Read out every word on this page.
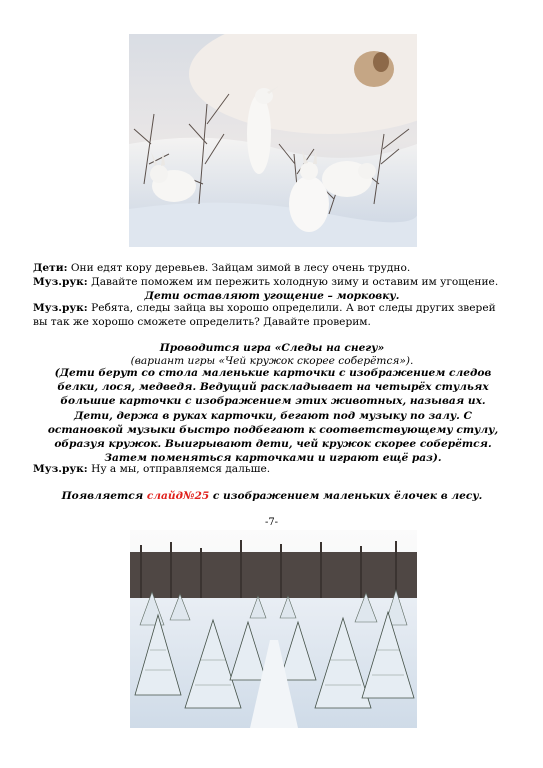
Дети: Они едят кору деревьев. Зайцам зимой в лесу очень трудно.
Муз.рук: Давайте поможем им пережить холодную зиму и оставим им угощение.
Дети оставляют угощение – морковку.
Муз.рук: Ребята, следы зайца вы хорошо определили. А вот следы других зверей вы так же хорошо сможете определить? Давайте проверим.
Проводится игра «Следы на снегу»
(вариант игры «Чей кружок скорее соберётся»).
(Дети берут со стола маленькие карточки с изображением следов белки, лося, медведя. Ведущий раскладывает на четырёх стульях большие карточки с изображением этих животных, называя их. Дети, держа в руках карточки, бегают под музыку по залу. С остановкой музыки быстро подбегают к соответствующему стулу, образуя кружок. Выигрывают дети, чей кружок скорее соберётся. Затем поменяться карточками и играют ещё раз).
Муз.рук: Ну а мы, отправляемся дальше.
Появляется слайд№25 с изображением маленьких ёлочек в лесу.
-7-
